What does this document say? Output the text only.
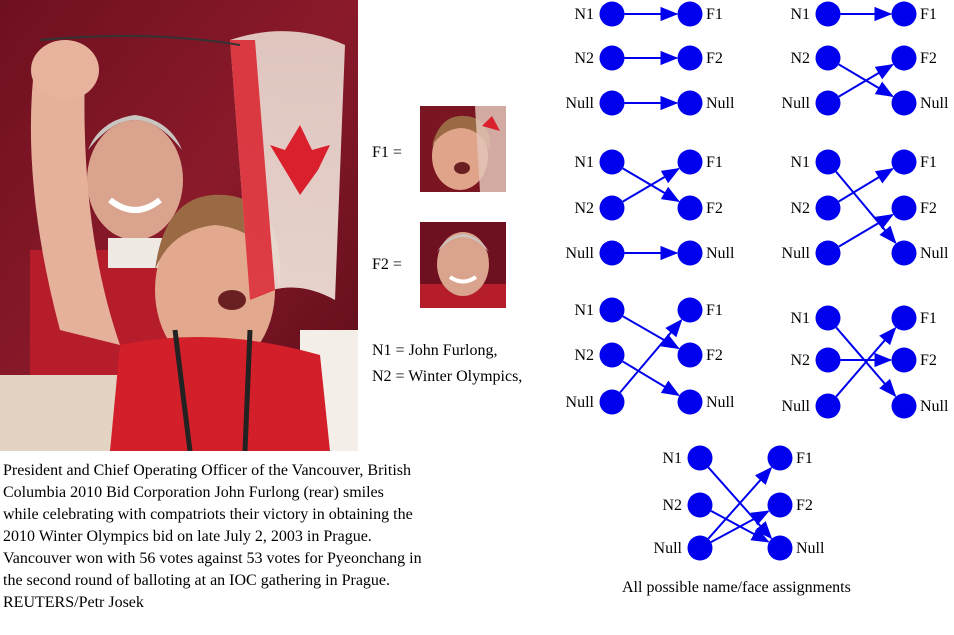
F1 =
F2 =
N1 = John Furlong,
N2 = Winter Olympics,
President and Chief Operating Officer of the Vancouver, British Columbia 2010 Bid Corporation John Furlong (rear) smiles while celebrating with compatriots their victory in obtaining the 2010 Winter Olympics bid on late July 2, 2003 in Prague. Vancouver won with 56 votes against 53 votes for Pyeonchang in the second round of balloting at an IOC gathering in Prague. REUTERS/Petr Josek
N1	F1
N2	F2
Null	Null
N1	F1
N2	F2
Null	Null
N1	F1
N2	F2
Null	Null
N1	F1
N2	F2
Null	Null
N1	F1
N2	F2
Null	Null
N1	F1
N2	F2
Null	Null
N1	F1
N2	F2
Null	Null
All possible name/face assignments
